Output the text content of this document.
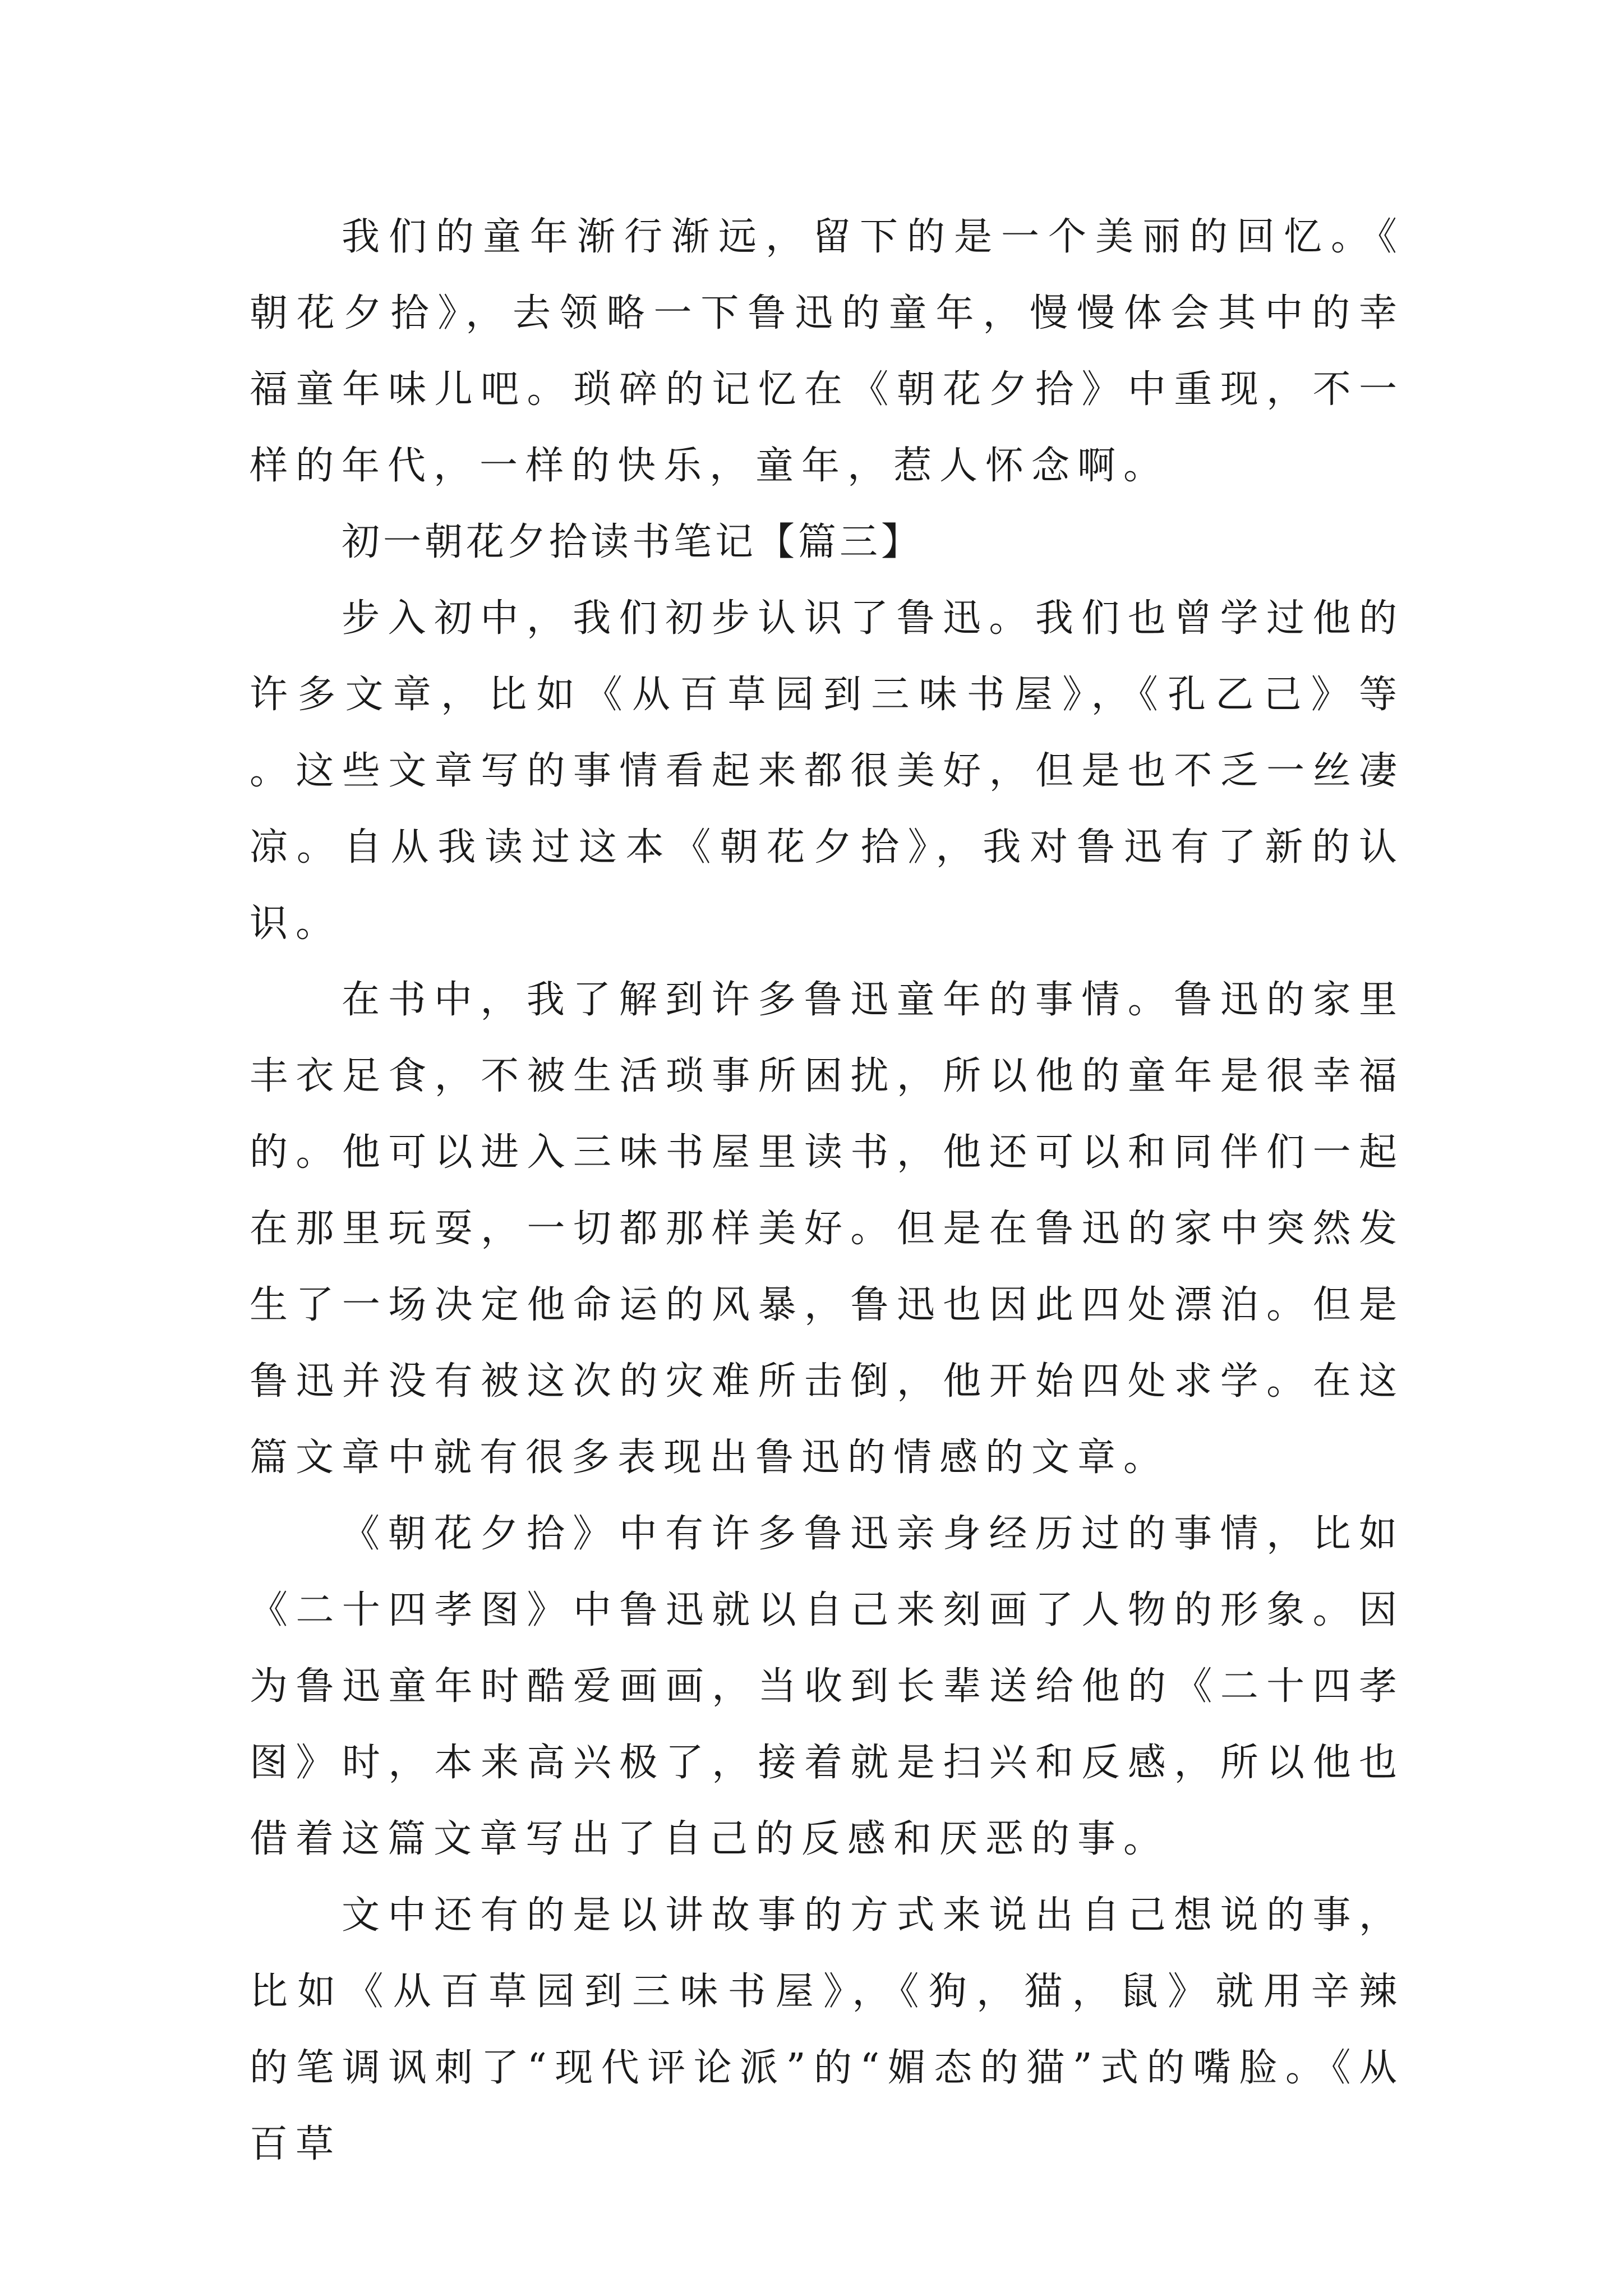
我们的童年渐行渐远，留下的是一个美丽的回忆。《朝花夕拾》，去领略一下鲁迅的童年，慢慢体会其中的幸福童年味儿吧。琐碎的记忆在《朝花夕拾》中重现，不一样的年代，一样的快乐，童年，惹人怀念啊。

初一朝花夕拾读书笔记【篇三】

步入初中，我们初步认识了鲁迅。我们也曾学过他的许多文章，比如《从百草园到三味书屋》，《孔乙己》等。这些文章写的事情看起来都很美好，但是也不乏一丝凄凉。自从我读过这本《朝花夕拾》，我对鲁迅有了新的认识。

在书中，我了解到许多鲁迅童年的事情。鲁迅的家里丰衣足食，不被生活琐事所困扰，所以他的童年是很幸福的。他可以进入三味书屋里读书，他还可以和同伴们一起在那里玩耍，一切都那样美好。但是在鲁迅的家中突然发生了一场决定他命运的风暴，鲁迅也因此四处漂泊。但是鲁迅并没有被这次的灾难所击倒，他开始四处求学。在这篇文章中就有很多表现出鲁迅的情感的文章。

《朝花夕拾》中有许多鲁迅亲身经历过的事情，比如《二十四孝图》中鲁迅就以自己来刻画了人物的形象。因为鲁迅童年时酷爱画画，当收到长辈送给他的《二十四孝图》时，本来高兴极了，接着就是扫兴和反感，所以他也借着这篇文章写出了自己的反感和厌恶的事。

文中还有的是以讲故事的方式来说出自己想说的事，比如《从百草园到三味书屋》，《狗，猫，鼠》就用辛辣的笔调讽刺了“现代评论派”的“媚态的猫”式的嘴脸。《从百草
